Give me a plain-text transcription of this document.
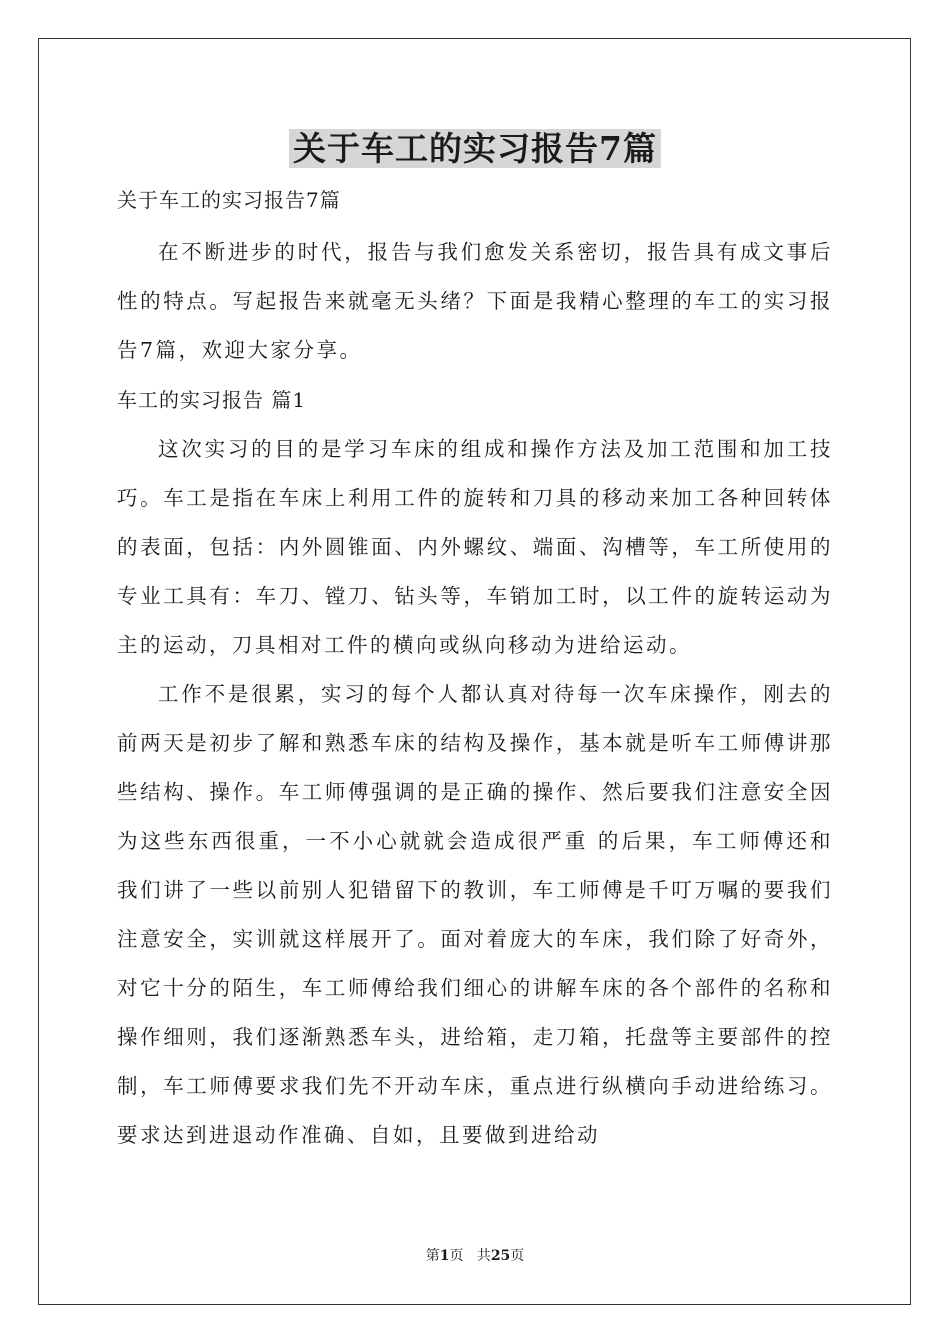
关于车工的实习报告7篇

关于车工的实习报告7篇

在不断进步的时代，报告与我们愈发关系密切，报告具有成文事后性的特点。写起报告来就毫无头绪？下面是我精心整理的车工的实习报告7篇，欢迎大家分享。

车工的实习报告 篇1

这次实习的目的是学习车床的组成和操作方法及加工范围和加工技巧。车工是指在车床上利用工件的旋转和刀具的移动来加工各种回转体的表面，包括：内外圆锥面、内外螺纹、端面、沟槽等，车工所使用的专业工具有：车刀、镗刀、钻头等，车销加工时，以工件的旋转运动为主的运动，刀具相对工件的横向或纵向移动为进给运动。

工作不是很累，实习的每个人都认真对待每一次车床操作，刚去的前两天是初步了解和熟悉车床的结构及操作，基本就是听车工师傅讲那些结构、操作。车工师傅强调的是正确的操作、然后要我们注意安全因为这些东西很重，一不小心就就会造成很严重 的后果，车工师傅还和我们讲了一些以前别人犯错留下的教训，车工师傅是千叮万嘱的要我们注意安全，实训就这样展开了。面对着庞大的车床，我们除了好奇外，对它十分的陌生，车工师傅给我们细心的讲解车床的各个部件的名称和操作细则，我们逐渐熟悉车头，进给箱，走刀箱，托盘等主要部件的控制，车工师傅要求我们先不开动车床，重点进行纵横向手动进给练习。要求达到进退动作准确、自如，且要做到进给动

第1页 共25页
